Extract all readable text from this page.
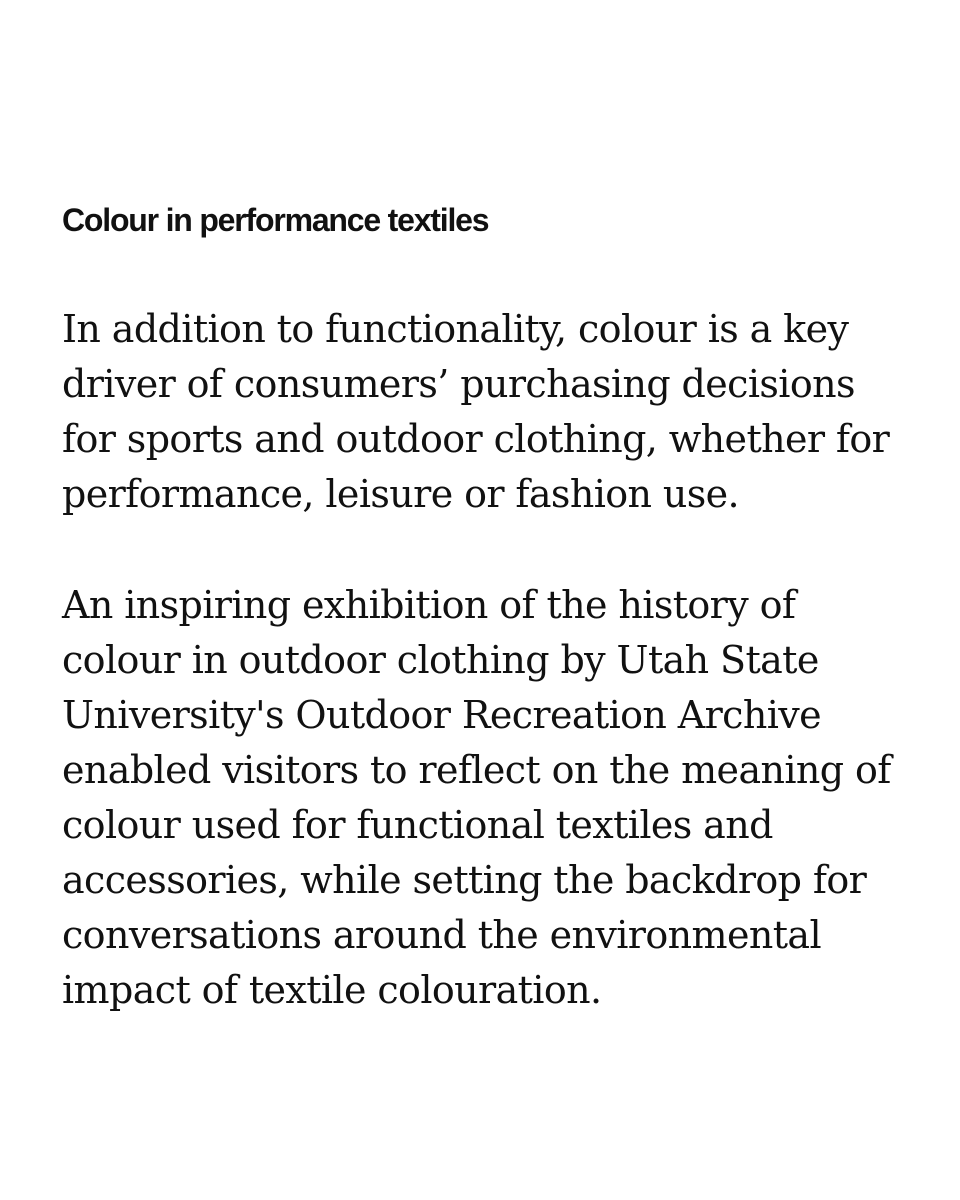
Colour in performance textiles

In addition to functionality, colour is a key
driver of consumers’ purchasing decisions
for sports and outdoor clothing, whether for
performance, leisure or fashion use.

An inspiring exhibition of the history of
colour in outdoor clothing by Utah State
University's Outdoor Recreation Archive
enabled visitors to reflect on the meaning of
colour used for functional textiles and
accessories, while setting the backdrop for
conversations around the environmental
impact of textile colouration.
